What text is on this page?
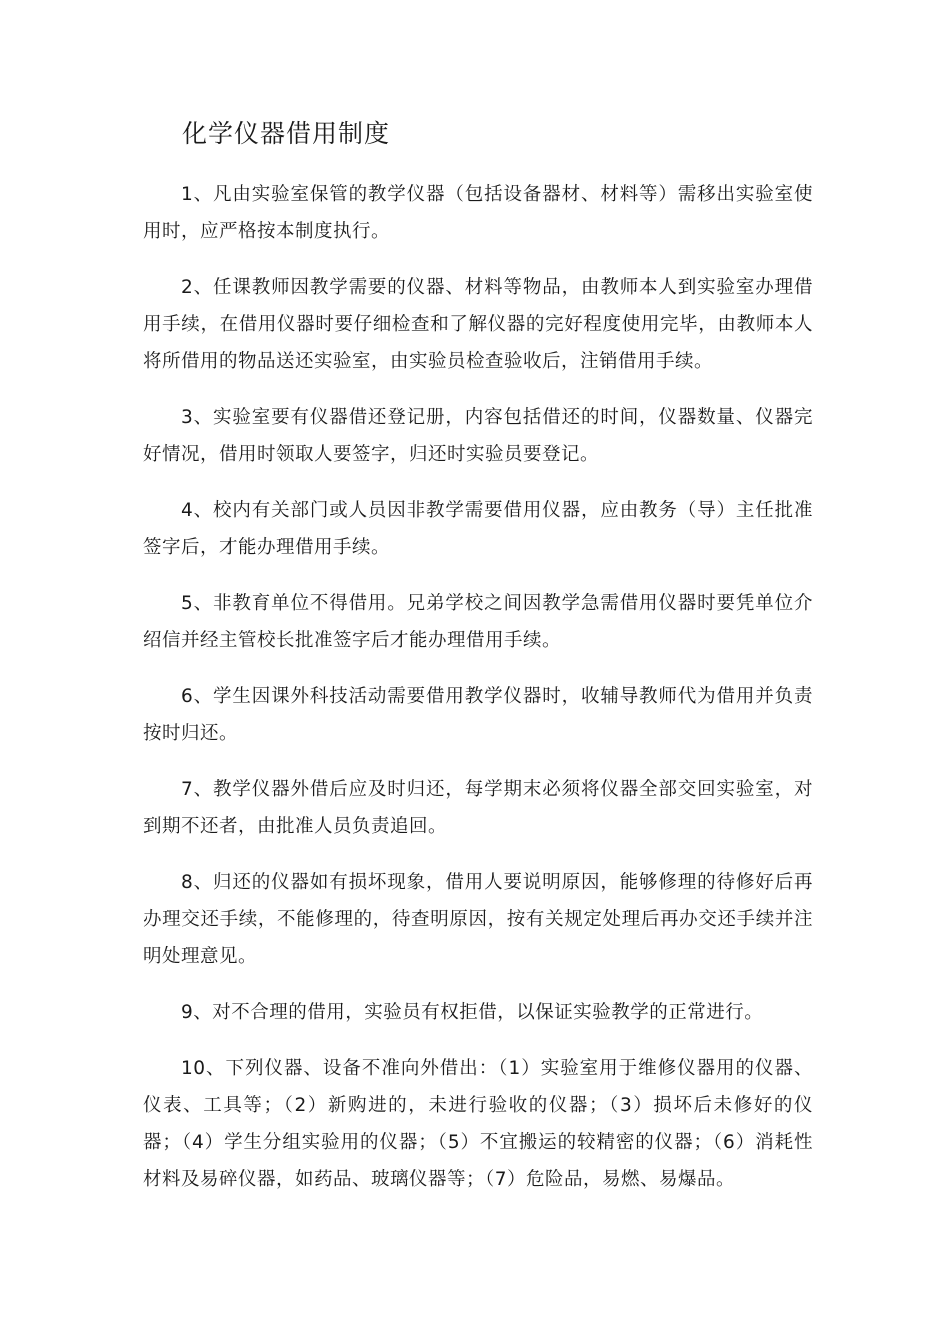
化学仪器借用制度
1、凡由实验室保管的教学仪器（包括设备器材、材料等）需移出实验室使用时，应严格按本制度执行。
2、任课教师因教学需要的仪器、材料等物品，由教师本人到实验室办理借用手续，在借用仪器时要仔细检查和了解仪器的完好程度使用完毕，由教师本人将所借用的物品送还实验室，由实验员检查验收后，注销借用手续。
3、实验室要有仪器借还登记册，内容包括借还的时间，仪器数量、仪器完好情况，借用时领取人要签字，归还时实验员要登记。
4、校内有关部门或人员因非教学需要借用仪器，应由教务（导）主任批准签字后，才能办理借用手续。
5、非教育单位不得借用。兄弟学校之间因教学急需借用仪器时要凭单位介绍信并经主管校长批准签字后才能办理借用手续。
6、学生因课外科技活动需要借用教学仪器时，收辅导教师代为借用并负责按时归还。
7、教学仪器外借后应及时归还，每学期末必须将仪器全部交回实验室，对到期不还者，由批准人员负责追回。
8、归还的仪器如有损坏现象，借用人要说明原因，能够修理的待修好后再办理交还手续，不能修理的，待查明原因，按有关规定处理后再办交还手续并注明处理意见。
9、对不合理的借用，实验员有权拒借，以保证实验教学的正常进行。
10、下列仪器、设备不准向外借出：（1）实验室用于维修仪器用的仪器、仪表、工具等；（2）新购进的，未进行验收的仪器；（3）损坏后未修好的仪器；（4）学生分组实验用的仪器；（5）不宜搬运的较精密的仪器；（6）消耗性材料及易碎仪器，如药品、玻璃仪器等；（7）危险品，易燃、易爆品。
